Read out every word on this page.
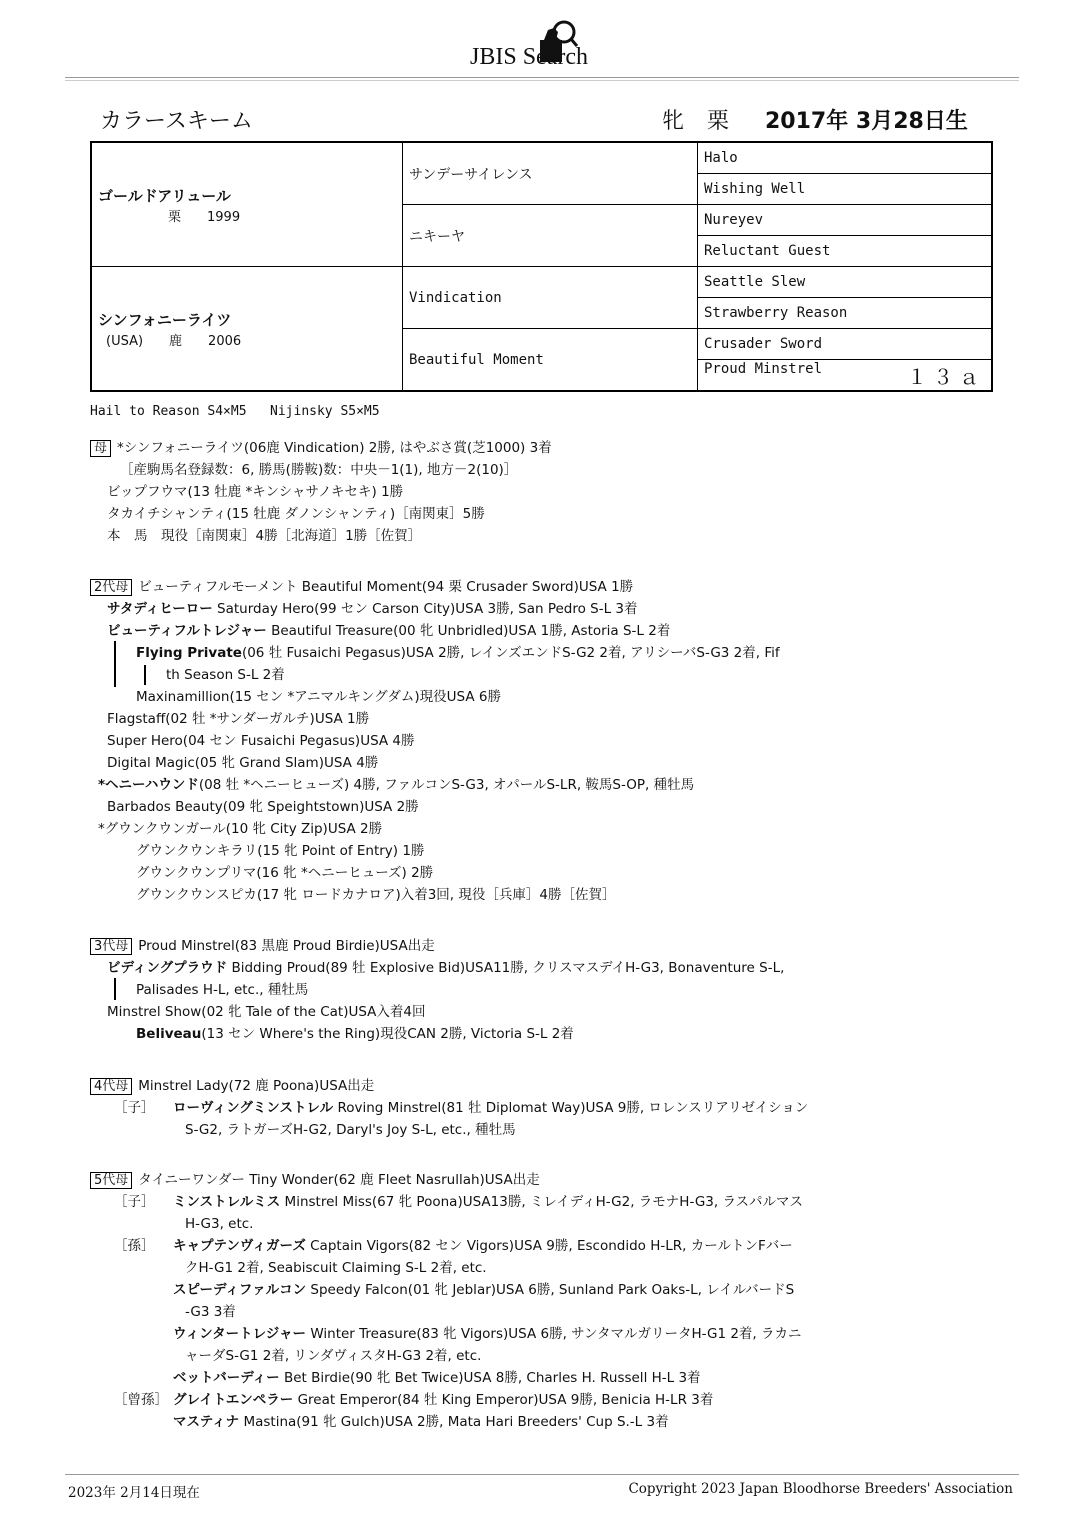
JBIS Search
カラースキーム	牝 栗 2017年 3月28日生
ゴールドアリュール
栗　　1999	サンデーサイレンス	Halo
		Wishing Well
	ニキーヤ	Nureyev
		Reluctant Guest

シンフォニーライツ
(USA)　　鹿　　2006	Vindication	Seattle Slew
		Strawberry Reason
	Beautiful Moment	Crusader Sword
		Proud Minstrel １３ａ
Hail to Reason S4×M5   Nijinsky S5×M5
母 *シンフォニーライツ(06鹿 Vindication) 2勝, はやぶさ賞(芝1000) 3着
［産駒馬名登録数：6, 勝馬(勝鞍)数：中央－1(1), 地方－2(10)］
ビップフウマ(13 牡鹿 *キンシャサノキセキ) 1勝
タカイチシャンティ(15 牡鹿 ダノンシャンティ)［南関東］5勝
本　馬　現役［南関東］4勝［北海道］1勝［佐賀］
2代母 ビューティフルモーメント Beautiful Moment(94 栗 Crusader Sword)USA 1勝
サタディヒーロー Saturday Hero(99 セン Carson City)USA 3勝, San Pedro S-L 3着
ビューティフルトレジャー Beautiful Treasure(00 牝 Unbridled)USA 1勝, Astoria S-L 2着
Flying Private(06 牡 Fusaichi Pegasus)USA 2勝, レインズエンドS-G2 2着, アリシーバS-G3 2着, Fif
th Season S-L 2着
Maxinamillion(15 セン *アニマルキングダム)現役USA 6勝
Flagstaff(02 牡 *サンダーガルチ)USA 1勝
Super Hero(04 セン Fusaichi Pegasus)USA 4勝
Digital Magic(05 牝 Grand Slam)USA 4勝
*ヘニーハウンド(08 牡 *ヘニーヒューズ) 4勝, ファルコンS-G3, オパールS-LR, 鞍馬S-OP, 種牡馬
Barbados Beauty(09 牝 Speightstown)USA 2勝
*グウンクウンガール(10 牝 City Zip)USA 2勝
グウンクウンキラリ(15 牝 Point of Entry) 1勝
グウンクウンプリマ(16 牝 *ヘニーヒューズ) 2勝
グウンクウンスピカ(17 牝 ロードカナロア)入着3回, 現役［兵庫］4勝［佐賀］
3代母 Proud Minstrel(83 黒鹿 Proud Birdie)USA出走
ビディングプラウド Bidding Proud(89 牡 Explosive Bid)USA11勝, クリスマスデイH-G3, Bonaventure S-L,
Palisades H-L, etc., 種牡馬
Minstrel Show(02 牝 Tale of the Cat)USA入着4回
Beliveau(13 セン Where's the Ring)現役CAN 2勝, Victoria S-L 2着
4代母 Minstrel Lady(72 鹿 Poona)USA出走
［子］ ローヴィングミンストレル Roving Minstrel(81 牡 Diplomat Way)USA 9勝, ロレンスリアリゼイション
S-G2, ラトガーズH-G2, Daryl's Joy S-L, etc., 種牡馬
5代母 タイニーワンダー Tiny Wonder(62 鹿 Fleet Nasrullah)USA出走
［子］ ミンストレルミス Minstrel Miss(67 牝 Poona)USA13勝, ミレイディH-G2, ラモナH-G3, ラスパルマス
H-G3, etc.
［孫］ キャプテンヴィガーズ Captain Vigors(82 セン Vigors)USA 9勝, Escondido H-LR, カールトンFバー
クH-G1 2着, Seabiscuit Claiming S-L 2着, etc.
スピーディファルコン Speedy Falcon(01 牝 Jeblar)USA 6勝, Sunland Park Oaks-L, レイルバードS
-G3 3着
ウィンタートレジャー Winter Treasure(83 牝 Vigors)USA 6勝, サンタマルガリータH-G1 2着, ラカニ
ャーダS-G1 2着, リンダヴィスタH-G3 2着, etc.
ベットバーディー Bet Birdie(90 牝 Bet Twice)USA 8勝, Charles H. Russell H-L 3着
［曾孫］ グレイトエンペラー Great Emperor(84 牡 King Emperor)USA 9勝, Benicia H-LR 3着
マスティナ Mastina(91 牝 Gulch)USA 2勝, Mata Hari Breeders' Cup S.-L 3着
2023年 2月14日現在	Copyright 2023 Japan Bloodhorse Breeders' Association
